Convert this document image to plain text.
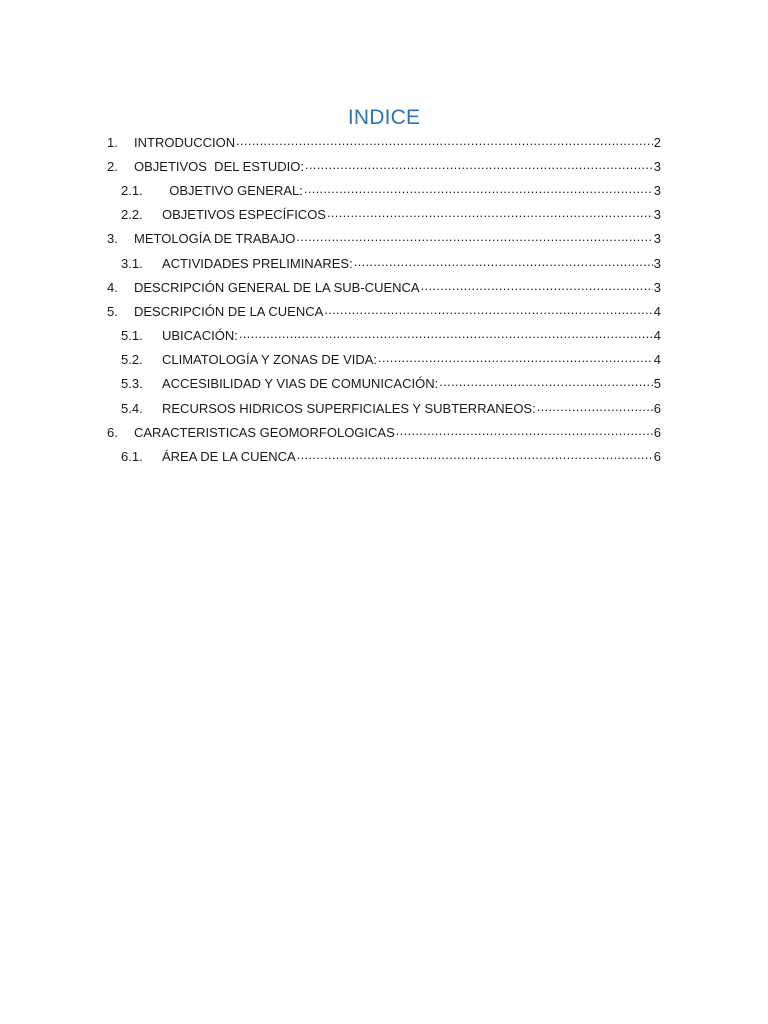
INDICE
1.	INTRODUCCION .....	2
2.	OBJETIVOS  DEL ESTUDIO: .....	3
2.1.	OBJETIVO GENERAL: .....	3
2.2.	OBJETIVOS ESPECÍFICOS .....	3
3.	METOLOGÍA DE TRABAJO .....	3
3.1.	ACTIVIDADES PRELIMINARES: .....	3
4.	DESCRIPCIÓN GENERAL DE LA SUB-CUENCA .....	3
5.	DESCRIPCIÓN DE LA CUENCA .....	4
5.1.	UBICACIÓN: .....	4
5.2.	CLIMATOLOGÍA Y ZONAS DE VIDA: .....	4
5.3.	ACCESIBILIDAD Y VIAS DE COMUNICACIÓN: .....	5
5.4.	RECURSOS HIDRICOS SUPERFICIALES Y SUBTERRANEOS: .....	6
6.	CARACTERISTICAS GEOMORFOLOGICAS .....	6
6.1.	ÁREA DE LA CUENCA .....	6
